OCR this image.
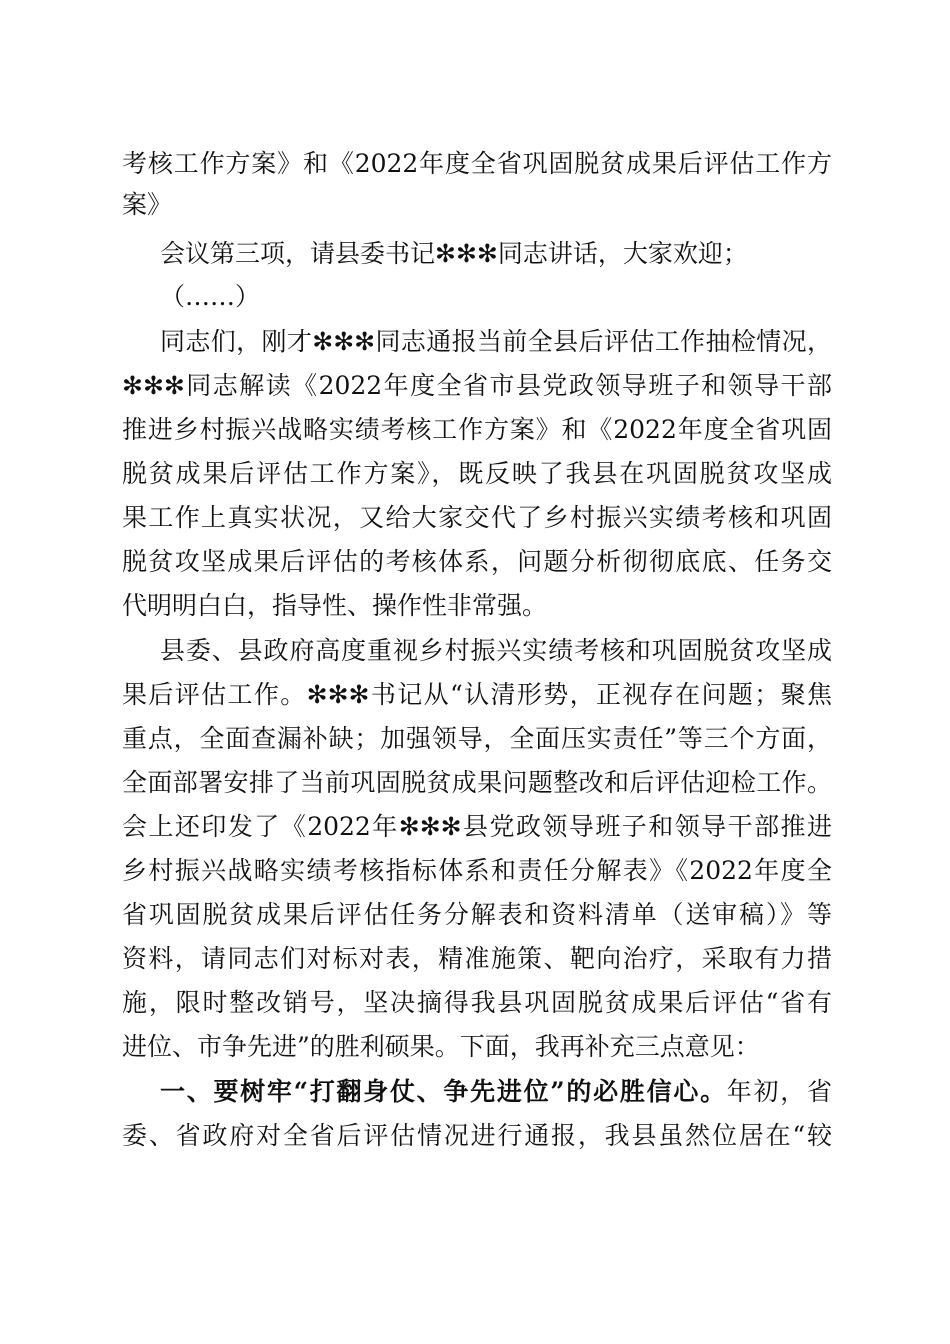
考核工作方案》和《2022年度全省巩固脱贫成果后评估工作方
案》
会议第三项，请县委书记✻✻✻同志讲话，大家欢迎；
（……）
同志们，刚才✻✻✻同志通报当前全县后评估工作抽检情况，
✻✻✻同志解读《2022年度全省市县党政领导班子和领导干部
推进乡村振兴战略实绩考核工作方案》和《2022年度全省巩固
脱贫成果后评估工作方案》，既反映了我县在巩固脱贫攻坚成
果工作上真实状况，又给大家交代了乡村振兴实绩考核和巩固
脱贫攻坚成果后评估的考核体系，问题分析彻彻底底、任务交
代明明白白，指导性、操作性非常强。
县委、县政府高度重视乡村振兴实绩考核和巩固脱贫攻坚成
果后评估工作。✻✻✻书记从“认清形势，正视存在问题；聚焦
重点，全面查漏补缺；加强领导，全面压实责任”等三个方面，
全面部署安排了当前巩固脱贫成果问题整改和后评估迎检工作。
会上还印发了《2022年✻✻✻县党政领导班子和领导干部推进
乡村振兴战略实绩考核指标体系和责任分解表》《2022年度全
省巩固脱贫成果后评估任务分解表和资料清单（送审稿）》等
资料，请同志们对标对表，精准施策、靶向治疗，采取有力措
施，限时整改销号，坚决摘得我县巩固脱贫成果后评估“省有
进位、市争先进”的胜利硕果。下面，我再补充三点意见：
一、要树牢“打翻身仗、争先进位”的必胜信心。年初，省
委、省政府对全省后评估情况进行通报，我县虽然位居在“较
